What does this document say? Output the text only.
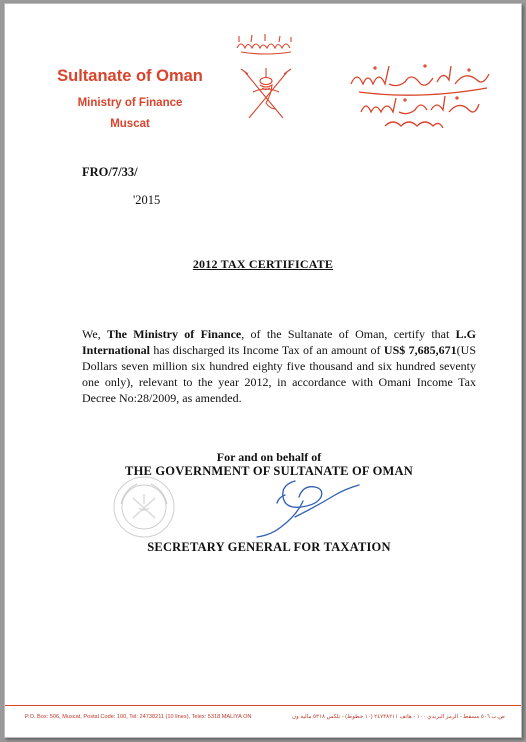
Sultanate of Oman
Ministry of Finance
Muscat
FRO/7/33/
'2015
2012 TAX CERTIFICATE
We, The Ministry of Finance, of the Sultanate of Oman, certify that L.G International has discharged its Income Tax of an amount of US$ 7,685,671(US Dollars seven million six hundred eighty five thousand and six hundred seventy one only), relevant to the year 2012, in accordance with Omani Income Tax Decree No:28/2009, as amended.
For and on behalf of
THE GOVERNMENT OF SULTANATE OF OMAN
SECRETARY GENERAL FOR TAXATION
P.O. Box: 506, Muscat, Postal Code: 100, Tel: 24738211 (10 lines), Telex: 5318 MALIYA ON	ص.ب ٥٠٦ مسقط - الرمز البريدي ١٠٠ - هاتف ٢٤٧٣٨٢١١ (١٠ خطوط) - تلكس ٥٣١٨ ماليه ون
